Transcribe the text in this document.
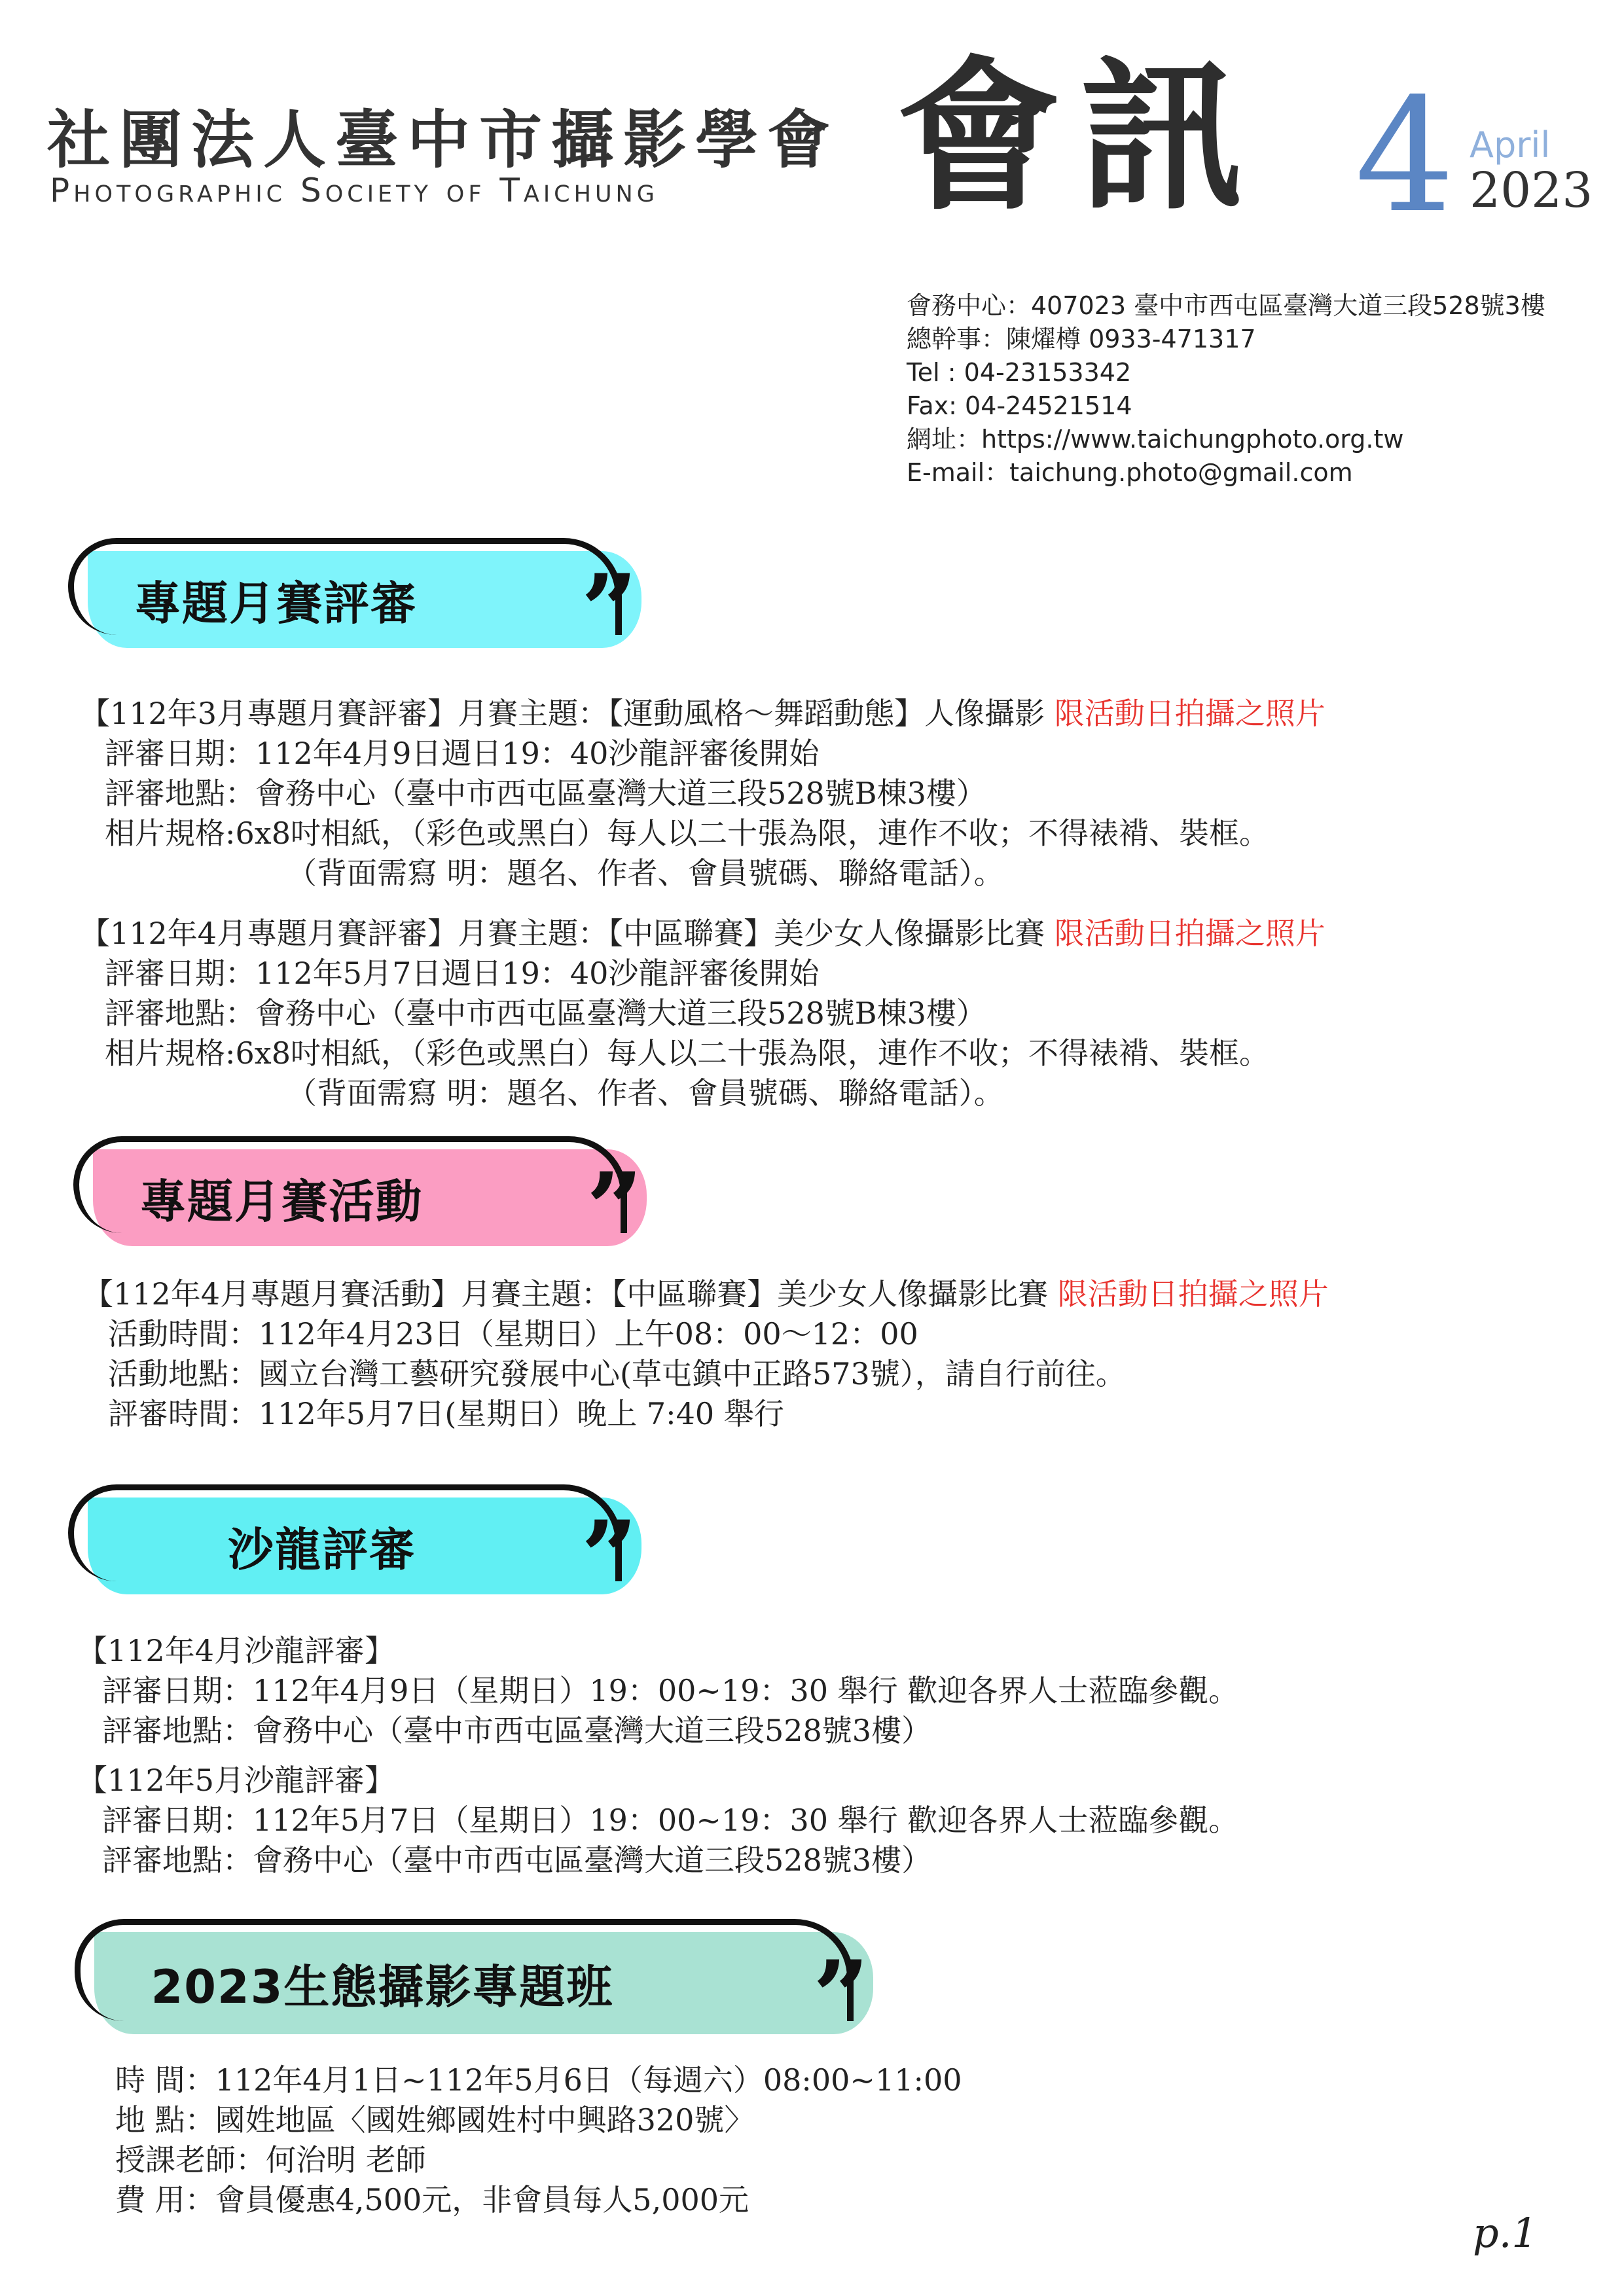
社團法人臺中市攝影學會
Photographic Society of Taichung 會訊 4 April
2023
會務中心：407023 臺中市西屯區臺灣大道三段528號3樓
總幹事：陳燿樽 0933-471317
Tel : 04-23153342
Fax: 04-24521514
網址：https://www.taichungphoto.org.tw
E-mail：taichung.photo@gmail.com
專題月賽評審	”
【112年3月專題月賽評審】月賽主題：【運動風格～舞蹈動態】人像攝影 限活動日拍攝之照片
評審日期：112年4月9日週日19：40沙龍評審後開始
評審地點：會務中心（臺中市西屯區臺灣大道三段528號B棟3樓）
相片規格:6x8吋相紙，（彩色或黑白）每人以二十張為限，連作不收；不得裱褙、裝框。
（背面需寫 明：題名、作者、會員號碼、聯絡電話）。
【112年4月專題月賽評審】月賽主題：【中區聯賽】美少女人像攝影比賽 限活動日拍攝之照片
評審日期：112年5月7日週日19：40沙龍評審後開始
評審地點：會務中心（臺中市西屯區臺灣大道三段528號B棟3樓）
相片規格:6x8吋相紙，（彩色或黑白）每人以二十張為限，連作不收；不得裱褙、裝框。
（背面需寫 明：題名、作者、會員號碼、聯絡電話）。
專題月賽活動	”
【112年4月專題月賽活動】月賽主題：【中區聯賽】美少女人像攝影比賽 限活動日拍攝之照片
活動時間：112年4月23日（星期日）上午08：00～12：00
活動地點：國立台灣工藝研究發展中心(草屯鎮中正路573號），請自行前往。
評審時間：112年5月7日(星期日）晚上 7:40 舉行
沙龍評審	”
【112年4月沙龍評審】
評審日期：112年4月9日（星期日）19：00~19：30 舉行 歡迎各界人士蒞臨參觀。
評審地點：會務中心（臺中市西屯區臺灣大道三段528號3樓）
【112年5月沙龍評審】
評審日期：112年5月7日（星期日）19：00~19：30 舉行 歡迎各界人士蒞臨參觀。
評審地點：會務中心（臺中市西屯區臺灣大道三段528號3樓）
2023生態攝影專題班	”
時 間：112年4月1日~112年5月6日（每週六）08:00~11:00
地 點：國姓地區〈國姓鄉國姓村中興路320號〉
授課老師：何治明 老師
費 用：會員優惠4,500元，非會員每人5,000元
p.1
